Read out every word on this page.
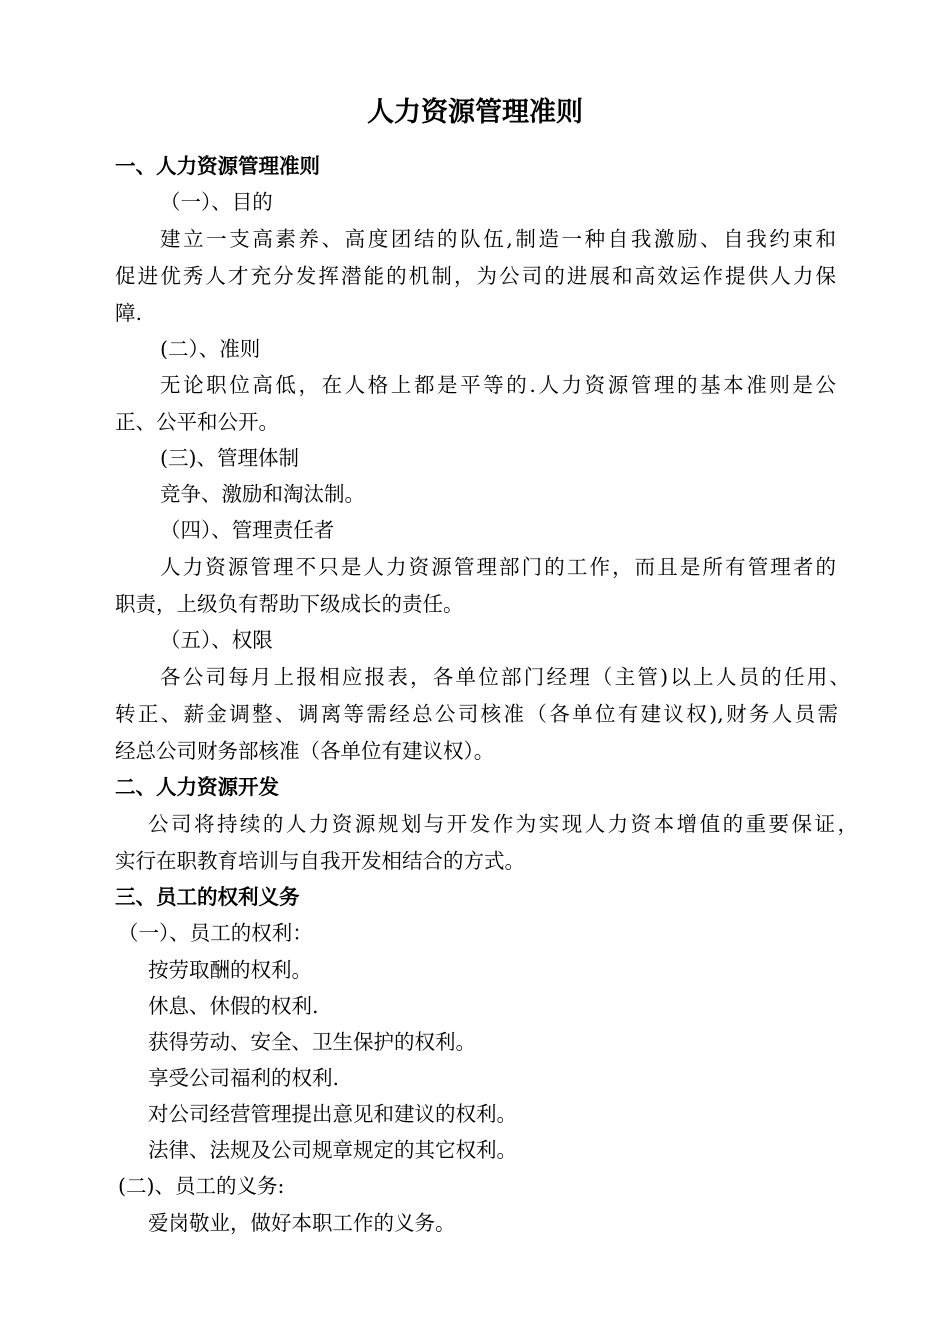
人力资源管理准则
一、人力资源管理准则
（一）、目的
建立一支高素养、高度团结的队伍,制造一种自我激励、自我约束和
促进优秀人才充分发挥潜能的机制，为公司的进展和高效运作提供人力保
障.
(二）、准则
无论职位高低，在人格上都是平等的.人力资源管理的基本准则是公
正、公平和公开。
(三)、管理体制
竞争、激励和淘汰制。
（四）、管理责任者
人力资源管理不只是人力资源管理部门的工作，而且是所有管理者的
职责，上级负有帮助下级成长的责任。
（五）、权限
各公司每月上报相应报表，各单位部门经理（主管)以上人员的任用、
转正、薪金调整、调离等需经总公司核准（各单位有建议权),财务人员需
经总公司财务部核准（各单位有建议权）。
二、人力资源开发
公司将持续的人力资源规划与开发作为实现人力资本增值的重要保证，
实行在职教育培训与自我开发相结合的方式。
三、员工的权利义务
（一）、员工的权利：
按劳取酬的权利。
休息、休假的权利.
获得劳动、安全、卫生保护的权利。
享受公司福利的权利.
对公司经营管理提出意见和建议的权利。
法律、法规及公司规章规定的其它权利。
(二)、员工的义务:
爱岗敬业，做好本职工作的义务。
